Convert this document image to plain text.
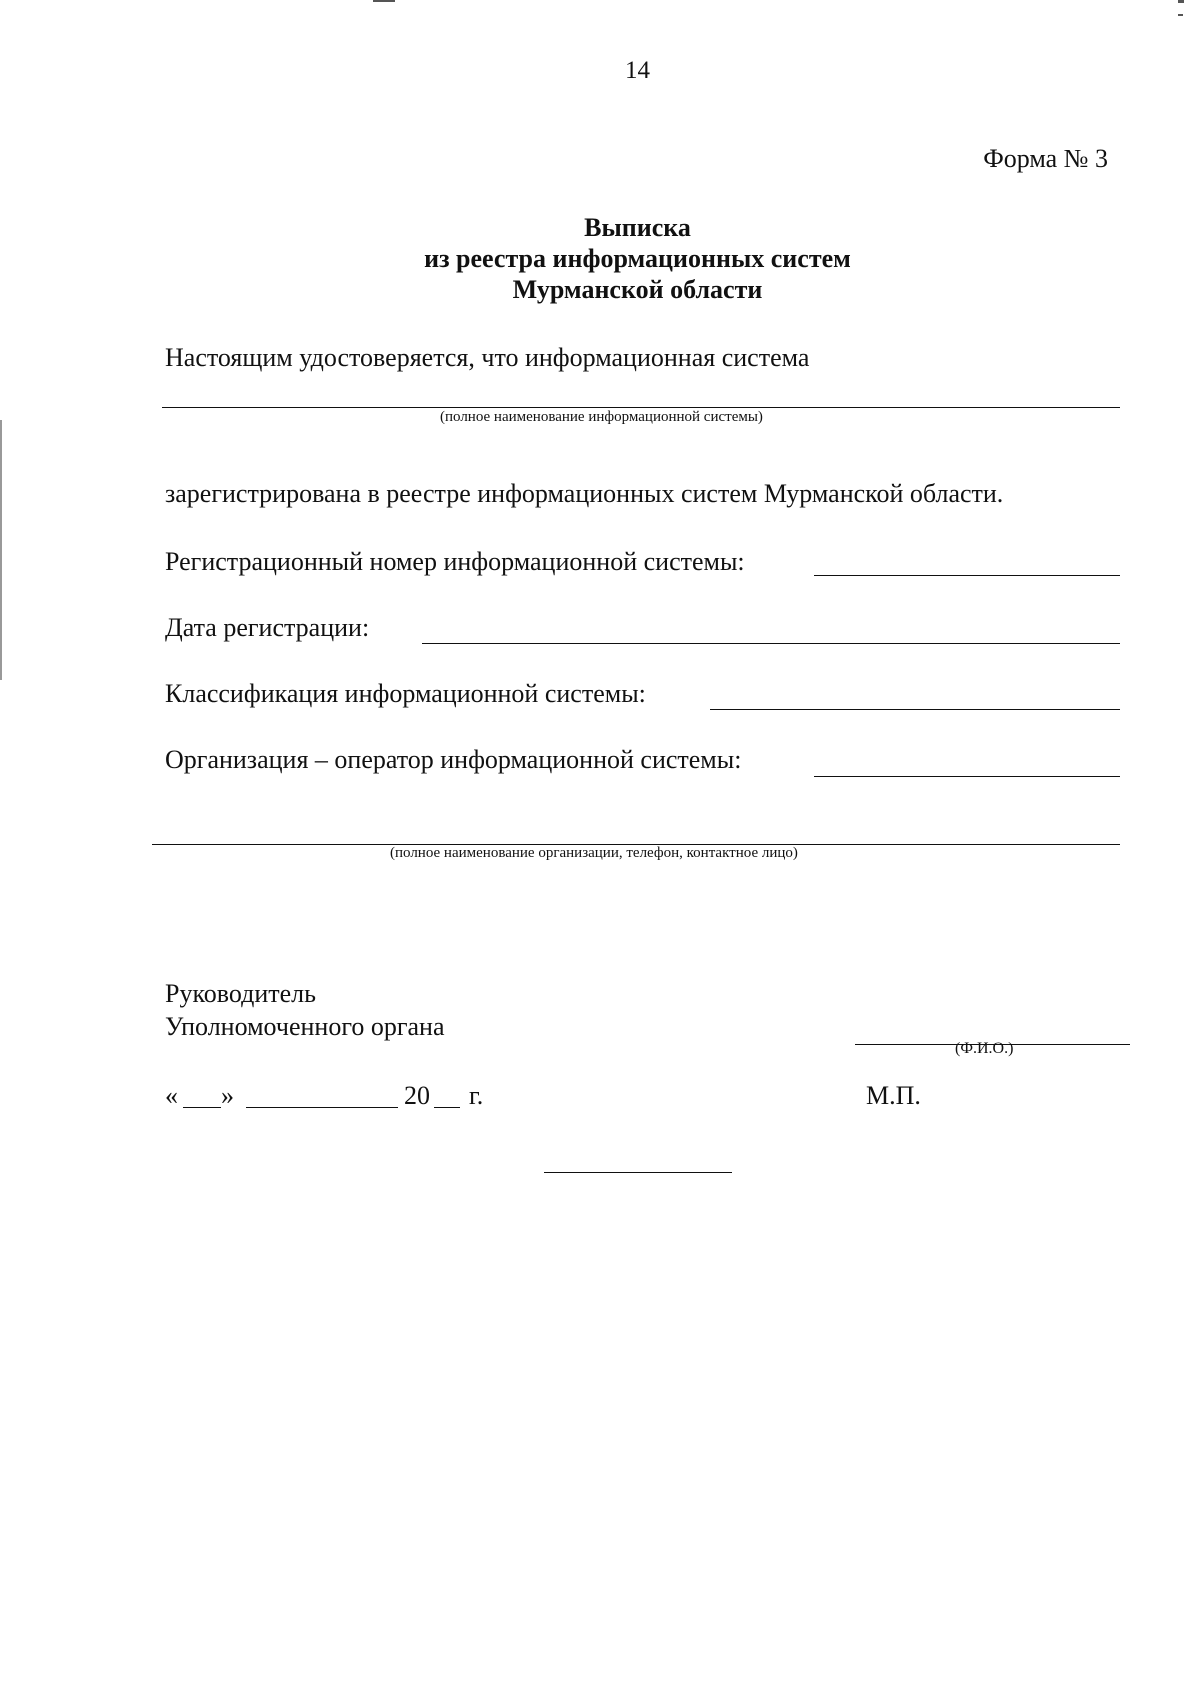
14
Форма № 3
Выписка
из реестра информационных систем
Мурманской области
Настоящим удостоверяется, что информационная система
(полное наименование информационной системы)
зарегистрирована в реестре информационных систем Мурманской области.
Регистрационный номер информационной системы:
Дата регистрации:
Классификация информационной системы:
Организация – оператор информационной системы:
(полное наименование организации, телефон, контактное лицо)
Руководитель
Уполномоченного органа
(Ф.И.О.)
« »	20 г.	М.П.
